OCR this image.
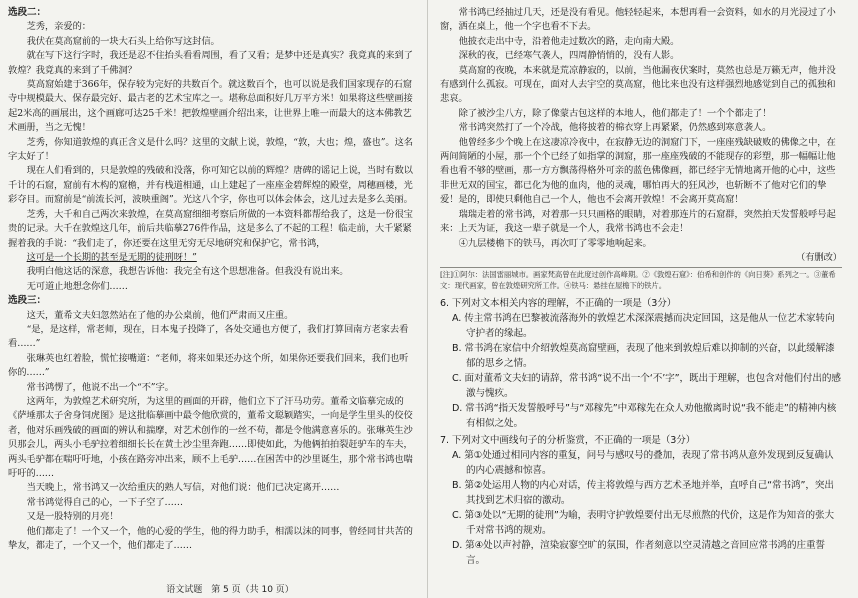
选段二：

芝秀，亲爱的：

我伏在莫高窟前的一块大石头上给你写这封信。

就在写下这行字时，我还是忍不住抬头看看周围，看了又看；是梦中还是真实？我竟真的来到了敦煌？我竟真的来到了千佛洞？

莫高窟始建于366年，保存较为完好的共数百个。就这数百个，也可以说是我们国家现存的石窟寺中规模最大、保存最完好、最古老的艺术宝库之一。堪称总面积好几万平方米！如果将这些壁画接起2米高的画展出，这个画廊可达25千米！把敦煌壁画介绍出来，让世界上唯一而最大的这本佛教艺术画册，当之无愧！

芝秀，你知道敦煌的真正含义是什么吗？这里的文献上说，敦煌，“敦，大也；煌，盛也”。这名字太好了！

现在人们看到的，只是敦煌的残破和没落，你可知它以前的辉煌？唐碑的谣记上说，当时有数以千计的石窟，窟前有木构的窟檐，并有栈道相通，山上建起了一座座金碧辉煌的殿堂，周穗画楼，光彩夺目。而窟前是“前流长河，波映重阁”。光这八个字，你也可以体会体会，这儿过去是多么美丽。

芝秀，大千和自己两次来敦煌，在莫高窟细细考察后所做的一本资料都帮给我了，这是一份很宝贵的记录。大千在敦煌这几年，前后共临摹276件作品，这是多么了不起的工程！临走前，大千紧紧握着我的手说：“我们走了，你还要在这里无穷无尽地研究和保护它，常书鸿，

这可是一个长期的甚至是无期的徒刑呀！”

我明白他这话的深意，我想告诉他：我完全有这个思想准备。但我没有说出来。

无可道止地想念你们……

选段三：

这天，董希文夫妇忽然站在了他的办公桌前，他们严肃而又庄重。

“是，是这样，常老师，现在，日本鬼子投降了，各处交通也方便了，我们打算回南方老家去看看……”

张琳英也红着脸，慌忙接嘴道：“老师，将来如果还办这个所，如果你还要我们回来，我们也听你的……”

常书鸿愣了，他说不出一个“不”字。

这两年，为敦煌艺术研究所，为这里的画面的开辟，他们立下了汗马功劳。董希文临摹完成的《萨埵那太子舍身饲虎图》是这批临摹画中最令他欣赏的，董希文聪颖踏实，一向是学生里头的佼佼者，他对乐画残破的画面的辨认和揣摩，对艺术创作的一丝不苟，都是令他满意喜乐的。张琳英生沙贝那会儿，两头小毛驴拉着细细长长在黄土沙尘里奔跑……即使如此，为他俩拍拍裂赶驴车的车夫，两头毛驴都在喘吁吁地，小孩在路旁冲出来，顾不上毛驴……在困苦中的沙里诞生，那个常书鸿也喘吁吁的……

当天晚上，常书鸿又一次给重庆的熟人写信，对他们说：他们已决定离开……

常书鸿觉得自己的心，一下子空了……

又是一股特别的月亮！

他们都走了！一个又一个，他的心爱的学生，他的得力助手，相濡以沫的同事，曾经同甘共苦的挚友，都走了，一个又一个，他们都走了……

常书鸿已经抽过几天，还是没有看见。他轻轻起来，本想再看一会资料，如水的月光浸过了小窗，洒在桌上，他一个字也看不下去。

他披衣走出中寺，沿着他走过数次的路，走向南大殿。

深秋的夜，已经寒气袭人，四周静悄悄的，没有人影。

莫高窟的夜晚，本来就是荒凉静寂的，以前，当他漏夜伏案时，莫然也总是万籁无声，他并没有感到什么孤寂。可现在，面对人去宇空的莫高窟，他比来也没有这样强烈地感觉到自己的孤独和悲哀。

除了被沙尘八方，除了像蒙古包这样的本地人，他们都走了！一个个都走了！

常书鸿突然打了一个冷战，他将披着的棉衣穿上再紧紧，仍然感到寒意袭人。

他曾经多少个晚上在这凄凉冷夜中，在寂静无边的洞窟门下，一座座残缺破败的佛像之中，在两间简陋的小屋，那一个个已经了如指掌的洞窟，那一座座残破的不能现存的彩塑，那一幅幅让他看也看不够的壁画，那一方方飘荡得格外可亲的蓝色佛像画，都已经宇无情地离开他的心中，这些非世无双的国宝，都已化为他的血肉，他的灵魂，哪怕再大的狂风沙，也斩断不了他对它们的挚爱！是的，即使只剩他自己一个人，他也不会离开敦煌！不会离开莫高窟！

瑞瑞走着的常书鸿，对着那一只只画格的眼睛，对着那连片的石窟群，突然拍天发誓般呼号起来：上天为证，我这一辈子就是一个人，我常书鸿也不会走！

④九层楼檐下的铁马，再次叮了零零地响起来。

（有删改）

[注]①阿尔：法国雷丽城市。画家梵高曾在此度过创作高峰期。②《敦煌石窟》：伯希和创作的《向日葵》系列之一。③董希文：现代画家，曾在敦煌研究所工作。④铁马：悬挂在屋檐下的铁片。

6. 下列对文本相关内容的理解，不正确的一项是（3分）

A. 传主常书鸿在巴黎被流落海外的敦煌艺术深深震撼而决定回国，这是他从一位艺术家转向守护者的缘起。

B. 常书鸿在家信中介绍敦煌莫高窟壁画，表现了他来到敦煌后难以抑制的兴奋，以此缓解漆郁的思乡之情。

C. 面对董希文夫妇的请辞，常书鸿“说不出一个‘不’字”，既出于理解，也包含对他们付出的感激与愧疚。

D. 常书鸿“指天发誓般呼号”与“邓稼先”中邓稼先在众人劝他撤离时说“我不能走”的精神内核有相似之处。

7. 下列对文中画线句子的分析鉴赏，不正确的一项是（3分）

A. 第①处通过相同内容的重复，问号与感叹号的叠加，表现了常书鸿从意外发现到反复确认的内心震撼和惊喜。

B. 第②处运用人物的内心对话，传主将敦煌与西方艺术圣地并举，直呼自己“常书鸿”，突出其找到艺术归宿的激动。

C. 第③处以“无期的徒刑”为喻，表明守护敦煌要付出无尽煎熬的代价，这是作为知音的张大千对常书鸿的规劝。

D. 第④处以声衬静，渲染寂寥空旷的氛围，作者刻意以空灵清越之音回应常书鸿的庄重誓言。

语文试题　第 5 页（共 10 页）
